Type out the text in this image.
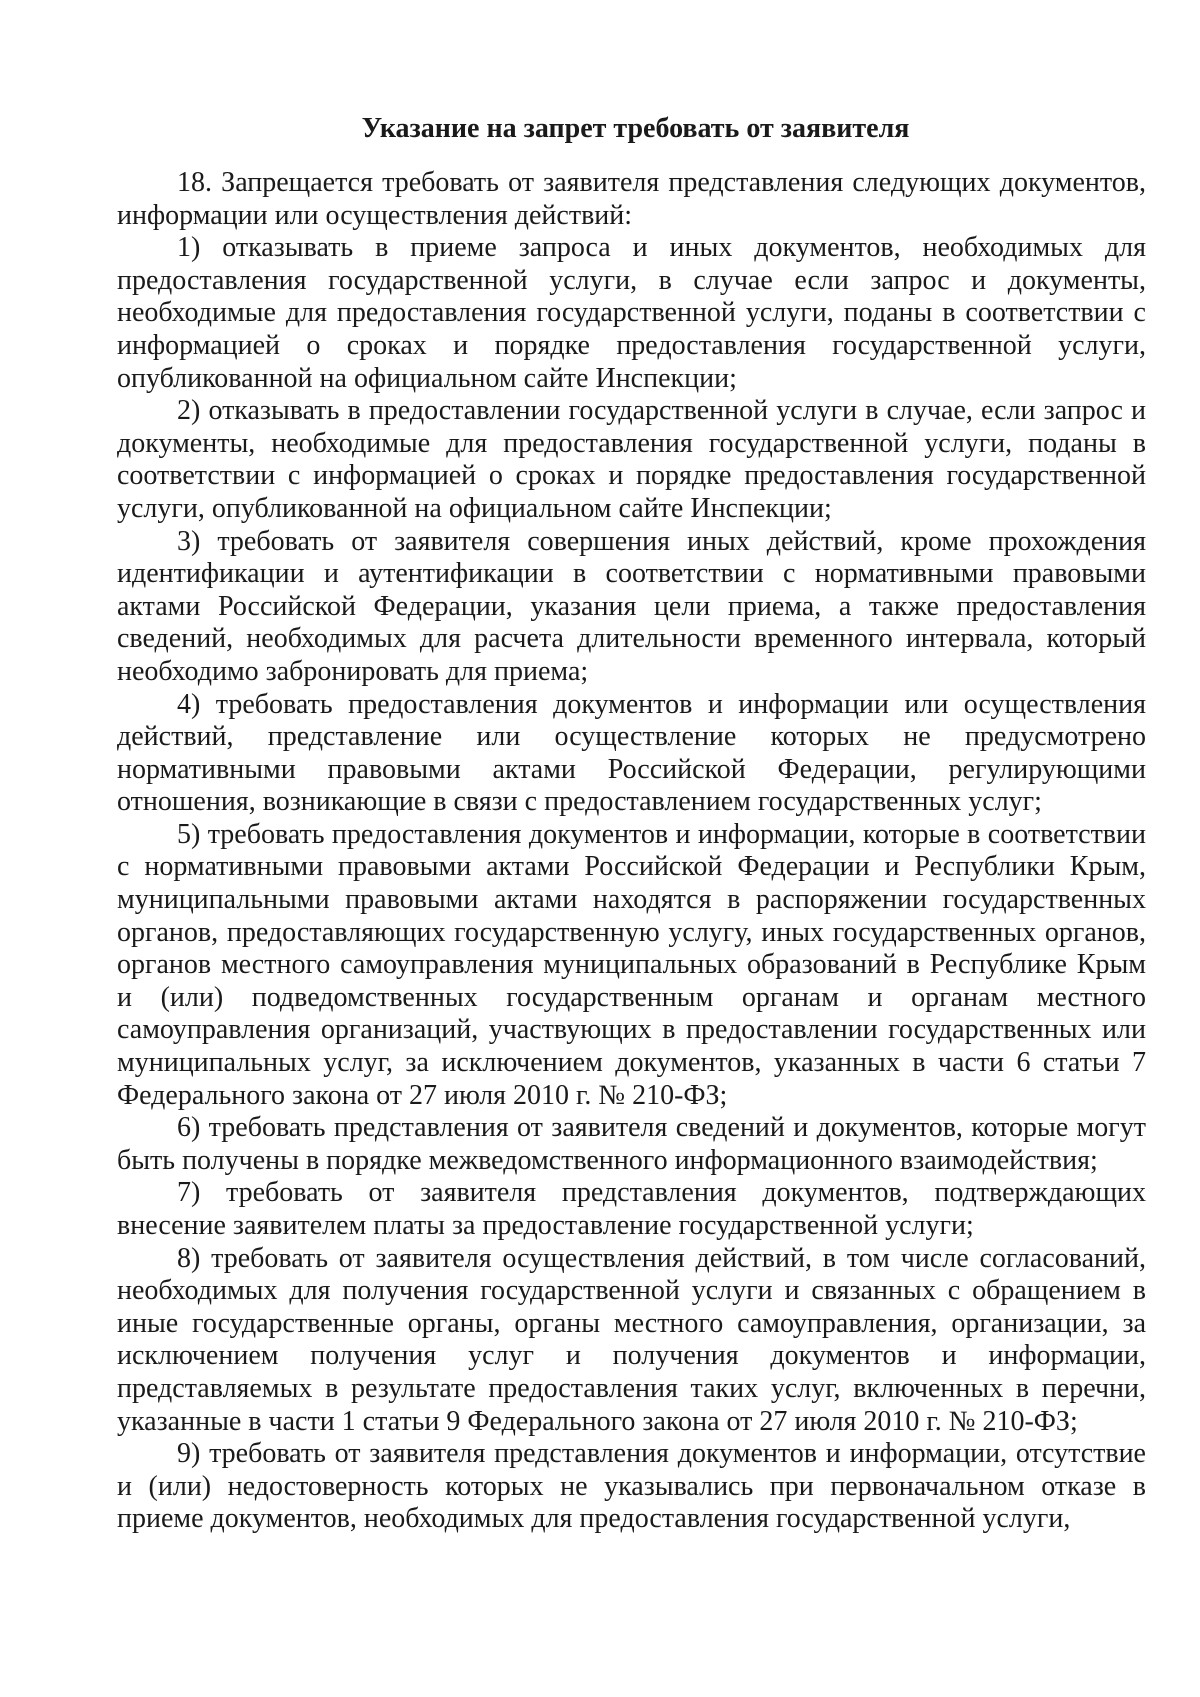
Указание на запрет требовать от заявителя

18. Запрещается требовать от заявителя представления следующих документов, информации или осуществления действий:

1) отказывать в приеме запроса и иных документов, необходимых для предоставления государственной услуги, в случае если запрос и документы, необходимые для предоставления государственной услуги, поданы в соответствии с информацией о сроках и порядке предоставления государственной услуги, опубликованной на официальном сайте Инспекции;

2) отказывать в предоставлении государственной услуги в случае, если запрос и документы, необходимые для предоставления государственной услуги, поданы в соответствии с информацией о сроках и порядке предоставления государственной услуги, опубликованной на официальном сайте Инспекции;

3) требовать от заявителя совершения иных действий, кроме прохождения идентификации и аутентификации в соответствии с нормативными правовыми актами Российской Федерации, указания цели приема, а также предоставления сведений, необходимых для расчета длительности временного интервала, который необходимо забронировать для приема;

4) требовать предоставления документов и информации или осуществления действий, представление или осуществление которых не предусмотрено нормативными правовыми актами Российской Федерации, регулирующими отношения, возникающие в связи с предоставлением государственных услуг;

5) требовать предоставления документов и информации, которые в соответствии с нормативными правовыми актами Российской Федерации и Республики Крым, муниципальными правовыми актами находятся в распоряжении государственных органов, предоставляющих государственную услугу, иных государственных органов, органов местного самоуправления муниципальных образований в Республике Крым и (или) подведомственных государственным органам и органам местного самоуправления организаций, участвующих в предоставлении государственных или муниципальных услуг, за исключением документов, указанных в части 6 статьи 7 Федерального закона от 27 июля 2010 г. № 210-ФЗ;

6) требовать представления от заявителя сведений и документов, которые могут быть получены в порядке межведомственного информационного взаимодействия;

7) требовать от заявителя представления документов, подтверждающих внесение заявителем платы за предоставление государственной услуги;

8) требовать от заявителя осуществления действий, в том числе согласований, необходимых для получения государственной услуги и связанных с обращением в иные государственные органы, органы местного самоуправления, организации, за исключением получения услуг и получения документов и информации, представляемых в результате предоставления таких услуг, включенных в перечни, указанные в части 1 статьи 9 Федерального закона от 27 июля 2010 г. № 210-ФЗ;

9) требовать от заявителя представления документов и информации, отсутствие и (или) недостоверность которых не указывались при первоначальном отказе в приеме документов, необходимых для предоставления государственной услуги,
